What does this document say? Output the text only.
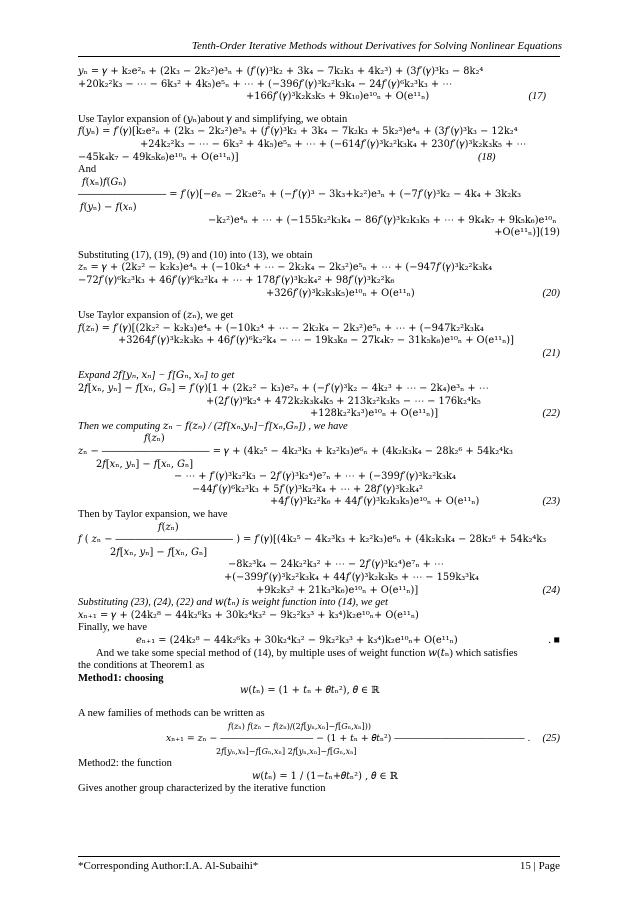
Tenth-Order Iterative Methods without Derivatives for Solving Nonlinear Equations
𝑦ₙ = 𝛾 + k₂e²ₙ + (2k₃ − 2k₂²)e³ₙ + (𝑓′(𝛾)³k₂ + 3k₄ − 7k₂k₃ + 4k₂³) + (3𝑓′(𝛾)³k₃ − 8k₂⁴
+20k₂²k₃ − ⋯ − 6k₃² + 4k₅)e⁵ₙ + ⋯ + (−396𝑓′(𝛾)³k₂²k₃k₄ − 24𝑓′(𝛾)⁶k₂³k₃ + ⋯
+166𝑓′(𝛾)³k₂k₃k₅ + 9k₁₀)e¹⁰ₙ + O(e¹¹ₙ)	(17)
Use Taylor expansion of (𝑦ₙ)about 𝛾 and simplifying, we obtain
𝑓(𝑦ₙ) = 𝑓′(𝛾)[k₂e²ₙ + (2k₃ − 2k₂²)e³ₙ + (𝑓′(𝛾)³k₂ + 3k₄ − 7k₂k₃ + 5k₂³)e⁴ₙ + (3𝑓′(𝛾)³k₃ − 12k₂⁴
+24k₂²k₃ − ⋯ − 6k₃² + 4k₅)e⁵ₙ + ⋯ + (−614𝑓′(𝛾)³k₂²k₃k₄ + 230𝑓′(𝛾)³k₂k₃k₅ + ⋯
−45k₄k₇ − 49k₅k₆)e¹⁰ₙ + O(e¹¹ₙ)]	(18)
And
𝑓(𝑥ₙ)𝑓(𝐺ₙ)
――――――――― = 𝑓′(𝛾)[−𝑒ₙ − 2k₂e²ₙ + (−𝑓′(𝛾)³ − 3k₃+k₂²)e³ₙ + (−7𝑓′(𝛾)³k₂ − 4k₄ + 3k₂k₃
𝑓(𝑦ₙ) − 𝑓(𝑥ₙ)
−k₂²)e⁴ₙ + ⋯ + (−155k₂²k₃k₄ − 86𝑓′(𝛾)³k₂k₃k₅ + ⋯ + 9k₄k₇ + 9k₅k₆)e¹⁰ₙ
+O(e¹¹ₙ)](19)
Substituting (17), (19), (9) and (10) into (13), we obtain
𝑧ₙ = 𝛾 + (2k₂² − k₂k₃)e⁴ₙ + (−10k₂⁴ + ⋯ − 2k₂k₄ − 2k₃²)e⁵ₙ + ⋯ + (−947𝑓′(𝛾)³k₂²k₃k₄
−72𝑓′(𝛾)⁶k₂³k₃ + 46𝑓′(𝛾)⁶k₂²k₄ + ⋯ + 178𝑓′(𝛾)³k₂k₄² + 98𝑓′(𝛾)³k₂²k₆
+326𝑓′(𝛾)³k₂k₃k₅)e¹⁰ₙ + O(e¹¹ₙ)	(20)
Use Taylor expansion of (𝑧ₙ), we get
𝑓(𝑧ₙ) = 𝑓′(𝛾)[(2k₂² − k₂k₃)e⁴ₙ + (−10k₂⁴ + ⋯ − 2k₂k₄ − 2k₃²)e⁵ₙ + ⋯ + (−947k₂²k₃k₄
+3264𝑓′(𝛾)³k₂k₃k₅ + 46𝑓′(𝛾)⁶k₂²k₄ − ⋯ − 19k₃k₈ − 27k₄k₇ − 31k₅k₆)e¹⁰ₙ + O(e¹¹ₙ)]
(21)
Expand 2𝑓[𝑦ₙ, 𝑥ₙ] − 𝑓[𝐺ₙ, 𝑥ₙ] to get
2𝑓[𝑥ₙ, 𝑦ₙ] − 𝑓[𝑥ₙ, 𝐺ₙ] = 𝑓′(𝛾)[1 + (2k₂² − k₃)e²ₙ + (−𝑓′(𝛾)³k₂ − 4k₂³ + ⋯ − 2k₄)e³ₙ + ⋯
+(2𝑓′(𝛾)⁹k₂⁴ + 472k₂k₃k₄k₅ + 213k₂²k₃k₅ − ⋯ − 176k₂⁴k₅
+128k₂²k₃³)e¹⁰ₙ + O(e¹¹ₙ)]	(22)
Then we computing 𝑧ₙ − 𝑓(𝑧ₙ) / (2𝑓[𝑥ₙ,𝑦ₙ]−𝑓[𝑥ₙ,𝐺ₙ]) , we have
𝑓(𝑧ₙ)
𝑧ₙ − ――――――――――― = 𝛾 + (4k₂⁵ − 4k₂³k₃ + k₂²k₃)e⁶ₙ + (4k₂k₃k₄ − 28k₂⁶ + 54k₂⁴k₃
2𝑓[𝑥ₙ, 𝑦ₙ] − 𝑓[𝑥ₙ, 𝐺ₙ]
− ⋯ + 𝑓′(𝛾)³k₂²k₃ − 2𝑓′(𝛾)³k₂⁴)e⁷ₙ + ⋯ + (−399𝑓′(𝛾)³k₂²k₃k₄
−44𝑓′(𝛾)⁶k₂³k₃ + 5𝑓′(𝛾)³k₂²k₄ + ⋯ + 28𝑓′(𝛾)³k₂k₄²
+4𝑓′(𝛾)³k₂²k₆ + 44𝑓′(𝛾)³k₂k₃k₅)e¹⁰ₙ + O(e¹¹ₙ)	(23)
Then by Taylor expansion, we have
𝑓(𝑧ₙ)
𝑓 ( 𝑧ₙ − ―――――――――――― ) = 𝑓′(𝛾)[(4k₂⁵ − 4k₂³k₃ + k₂²k₃)e⁶ₙ + (4k₂k₃k₄ − 28k₂⁶ + 54k₂⁴k₃
2𝑓[𝑥ₙ, 𝑦ₙ] − 𝑓[𝑥ₙ, 𝐺ₙ]
−8k₂³k₄ − 24k₂²k₃² + ⋯ − 2𝑓′(𝛾)³k₂⁴)e⁷ₙ + ⋯
+(−399𝑓′(𝛾)³k₂²k₃k₄ + 44𝑓′(𝛾)³k₂k₃k₅ + ⋯ − 159k₃³k₄
+9k₂k₃² + 21k₃³k₆)e¹⁰ₙ + O(e¹¹ₙ)]	(24)
Substituting (23), (24), (22) and 𝑤(𝑡ₙ) is weight function into (14), we get
𝑥ₙ₊₁ = 𝛾 + (24k₂⁸ − 44k₂⁶k₃ + 30k₂⁴k₃² − 9k₂²k₃³ + k₃⁴)k₂e¹⁰ₙ+ O(e¹¹ₙ)
Finally, we have
𝑒ₙ₊₁ = (24k₂⁸ − 44k₂⁶k₃ + 30k₂⁴k₃² − 9k₂²k₃³ + k₃⁴)k₂e¹⁰ₙ+ O(e¹¹ₙ)	. ■
And we take some special method of (14), by multiple uses of weight function 𝑤(𝑡ₙ) which satisfies
the conditions at Theorem1 as
Method1: choosing
𝑤(𝑡ₙ) = (1 + 𝑡ₙ + 𝜃𝑡ₙ²), 𝜃 ∈ ℝ
A new families of methods can be written as
𝑓(𝑧ₙ) 𝑓(𝑧ₙ − 𝑓(𝑧ₙ)/(2𝑓[𝑦ₙ,𝑥ₙ]−𝑓[𝐺ₙ,𝑥ₙ]))
𝑥ₙ₊₁ = 𝑧ₙ − ―――――――――― − (1 + 𝑡ₙ + 𝜃𝑡ₙ²) ―――――――――――――― . (25)
2𝑓[𝑦ₙ,𝑥ₙ]−𝑓[𝐺ₙ,𝑥ₙ] 2𝑓[𝑦ₙ,𝑥ₙ]−𝑓[𝐺ₙ,𝑥ₙ]
Method2: the function
𝑤(𝑡ₙ) = 1 / (1−𝑡ₙ+𝜃𝑡ₙ²) , 𝜃 ∈ ℝ
Gives another group characterized by the iterative function
*Corresponding Author:I.A. Al-Subaihi*	15 | Page
